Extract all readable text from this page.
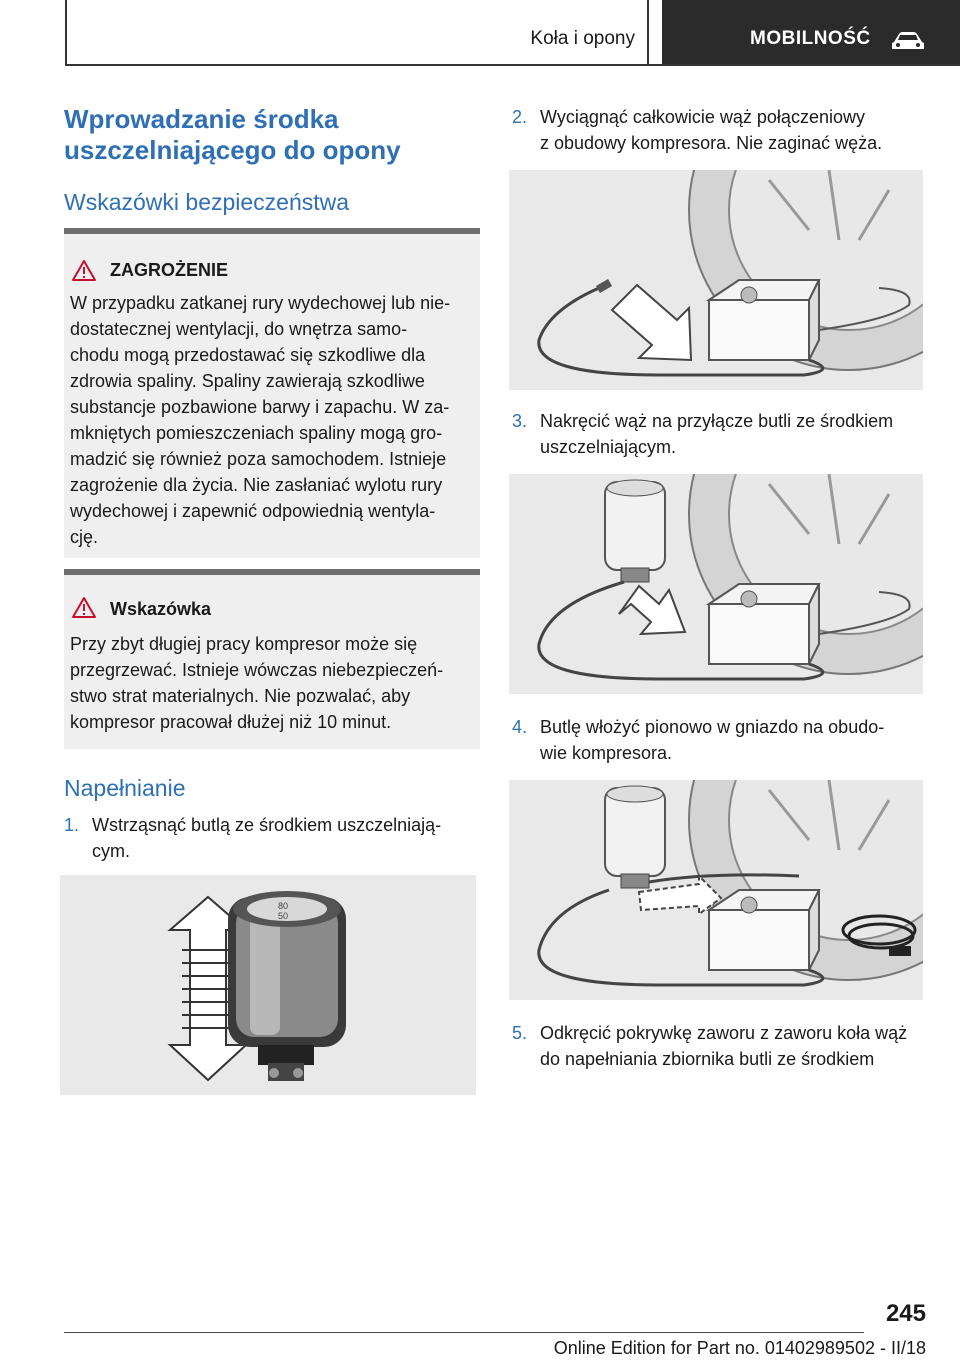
Koła i opony	MOBILNOŚĆ
Wprowadzanie środka uszczelniającego do opony
Wskazówki bezpieczeństwa
ZAGROŻENIE
W przypadku zatkanej rury wydechowej lub nie-
dostatecznej wentylacji, do wnętrza samo-
chodu mogą przedostawać się szkodliwe dla
zdrowia spaliny. Spaliny zawierają szkodliwe
substancje pozbawione barwy i zapachu. W za-
mkniętych pomieszczeniach spaliny mogą gro-
madzić się również poza samochodem. Istnieje
zagrożenie dla życia. Nie zasłaniać wylotu rury
wydechowej i zapewnić odpowiednią wentyla-
cję.
Wskazówka
Przy zbyt długiej pracy kompresor może się
przegrzewać. Istnieje wówczas niebezpieczeń-
stwo strat materialnych. Nie pozwalać, aby
kompresor pracował dłużej niż 10 minut.
Napełnianie
1. Wstrząsnąć butlą ze środkiem uszczelniają-
cym.
80
50
2. Wyciągnąć całkowicie wąż połączeniowy
z obudowy kompresora. Nie zaginać węża.
3. Nakręcić wąż na przyłącze butli ze środkiem
uszczelniającym.
4. Butlę włożyć pionowo w gniazdo na obudo-
wie kompresora.
5. Odkręcić pokrywkę zaworu z zaworu koła wąż
do napełniania zbiornika butli ze środkiem
245
Online Edition for Part no. 01402989502 - II/18
